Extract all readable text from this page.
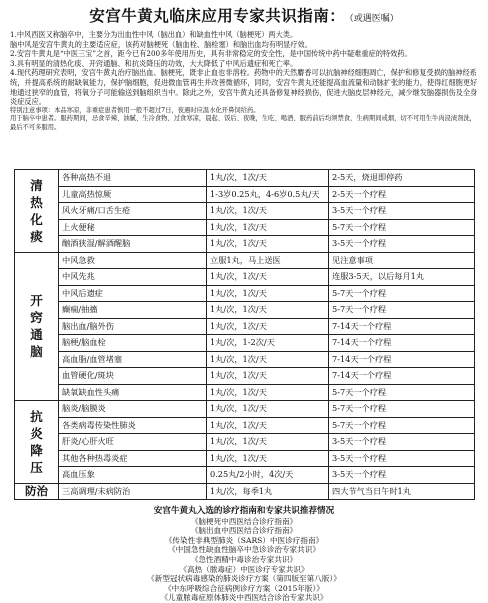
安宫牛黄丸临床应用专家共识指南： （或遇医嘱）

1.中风西医又称脑卒中，主要分为出血性中风（脑出血）和缺血性中风（脑梗死）两大类。

脑中风是安宫牛黄丸的主要适应症，该药对脑梗死（脑血栓、脑栓塞）和脑出血均有明显疗效。

2.安宫牛黄丸是“中医三宝”之首，距今已有200多年使用历史，具有非常稳定的安全性，是中国传统中药中疑难重症的特效药。

3.具有明显的清热化痰、开窍通脑、和抗炎降压的功效，大大降低了中风后遗症和死亡率。

4.现代药理研究表明，安宫牛黄丸治疗脑出血、脑梗死，既非止血也非溶栓。药物中的天然麝香可以抗脑神经细胞凋亡，保护和修复受损的脑神经系统，并提高系统的耐缺氧能力，保护脑细胞，促进微血管再生并改善微循环，同时，安宫牛黄丸还能提高血流量和动脉扩张的能力，使得红细胞更好地通过狭窄的血管，将氧分子可能输送到脑组织当中。除此之外，安宫牛黄丸还具备修复神经损伤，促进大脑皮层神经元，减少继发脑器损伤及全身炎症反应。

特别注意事项：本品寒凉，非重症患者慎用一般不超过7日，夜遇时应温水化开鼻饲给药。

用于脑卒中患者。服药期间，忌食辛辣、油腻、生冷食物、过食寒凉，晨起、饭后、夜晚，生吃、喝酒、服药前后均须禁食，生病期间戒烟，切不可用生牛肉浸渍剂洗，最后不可多服用。

清热化痰	各种高热不退	1丸/次，1次/天	2-5天，烧退即停药
	儿童高热惊厥	1-3岁0.25丸，4-6岁0.5丸/天	2-5天一个疗程
	风火牙痛/口舌生疮	1丸/次，1次/天	3-5天一个疗程
	上火便秘	1丸/次，1次/天	5-7天一个疗程
	酗酒狭湿/解酒醒脑	1丸/次，1次/天	3-5天一个疗程
开窍通脑	中风急救	立服1丸，马上送医	见注意事项
	中风先兆	1丸/次，1次/天	连服3-5天，以后每月1丸
	中风后遗症	1丸/次，1次/天	5-7天一个疗程
	癫痫/抽搐	1丸/次，1次/天	5-7天一个疗程
	脑出血/脑外伤	1丸/次，1次/天	7-14天一个疗程
	脑梗/脑血栓	1丸/次，1-2次/天	7-14天一个疗程
	高血脂/血管堵塞	1丸/次，1次/天	7-14天一个疗程
	血管硬化/斑块	1丸/次，1次/天	7-14天一个疗程
	缺氧缺血性头痛	1丸/次，1次/天	5-7天一个疗程
抗炎降压	脑炎/脑膜炎	1丸/次，1次/天	5-7天一个疗程
	各类病毒传染性肺炎	1丸/次，1次/天	5-7天一个疗程
	肝炎/心肝火旺	1丸/次，1次/天	3-5天一个疗程
	其他各种热毒炎症	1丸/次，1次/天	3-5天一个疗程
	高血压象	0.25丸/2小时，4次/天	3-5天一个疗程
防治	三高调理/未病防治	1丸/次，每季1丸	四大节气当日午时1丸
安宫牛黄丸入选的诊疗指南和专家共识推荐情况
《脑梗死中西医结合诊疗指南》
《脑出血中西医结合诊疗指南》
《传染性非典型肺炎（SARS）中医诊疗指南》
《中国急性缺血性脑卒中急诊诊治专家共识》
《急性酒精中毒诊治专家共识》
《高热（脓毒症）中医诊疗专家共识》
《新型冠状病毒感染的肺炎诊疗方案（第四版至第八版）》
《中东呼吸综合征病例诊疗方案（2015年版）》
《儿童脓毒症原体肺炎中西医结合诊治专家共识》
